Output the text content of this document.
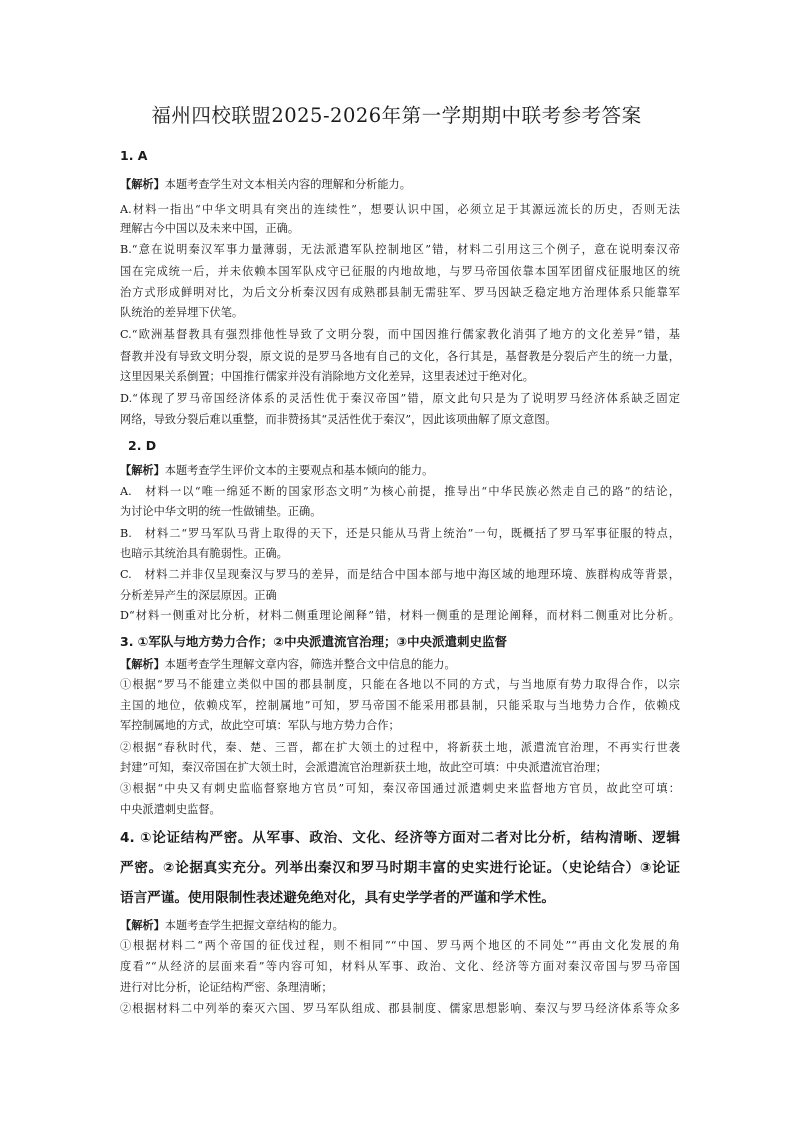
福州四校联盟2025-2026年第一学期期中联考参考答案
1. A
【解析】本题考查学生对文本相关内容的理解和分析能力。
A.材料一指出“中华文明具有突出的连续性”，想要认识中国，必须立足于其源远流长的历史，否则无法
理解古今中国以及未来中国，正确。
B.“意在说明秦汉军事力量薄弱，无法派遣军队控制地区”错，材料二引用这三个例子，意在说明秦汉帝
国在完成统一后，并未依赖本国军队戍守已征服的内地故地，与罗马帝国依靠本国军团留戍征服地区的统
治方式形成鲜明对比，为后文分析秦汉因有成熟郡县制无需驻军、罗马因缺乏稳定地方治理体系只能靠军
队统治的差异埋下伏笔。
C.“欧洲基督教具有强烈排他性导致了文明分裂，而中国因推行儒家教化消弭了地方的文化差异”错，基
督教并没有导致文明分裂，原文说的是罗马各地有自己的文化，各行其是，基督教是分裂后产生的统一力量，
这里因果关系倒置；中国推行儒家并没有消除地方文化差异，这里表述过于绝对化。
D.“体现了罗马帝国经济体系的灵活性优于秦汉帝国”错，原文此句只是为了说明罗马经济体系缺乏固定
网络，导致分裂后难以重整，而非赞扬其“灵活性优于秦汉”，因此该项曲解了原文意图。
2. D
【解析】本题考查学生评价文本的主要观点和基本倾向的能力。
A.　材料一以“唯一绵延不断的国家形态文明”为核心前提，推导出“中华民族必然走自己的路”的结论，
为讨论中华文明的统一性做铺垫。正确。
B.　材料二“罗马军队马背上取得的天下，还是只能从马背上统治”一句，既概括了罗马军事征服的特点，
也暗示其统治具有脆弱性。正确。
C.　材料二并非仅呈现秦汉与罗马的差异，而是结合中国本部与地中海区域的地理环境、族群构成等背景，
分析差异产生的深层原因。正确
D“材料一侧重对比分析，材料二侧重理论阐释”错，材料一侧重的是理论阐释，而材料二侧重对比分析。
3. ①军队与地方势力合作；②中央派遣流官治理；③中央派遣刺史监督
【解析】本题考查学生理解文章内容，筛选并整合文中信息的能力。
①根据“罗马不能建立类似中国的郡县制度，只能在各地以不同的方式，与当地原有势力取得合作，以宗
主国的地位，依赖戍军，控制属地”可知，罗马帝国不能采用郡县制，只能采取与当地势力合作，依赖戍
军控制属地的方式，故此空可填：军队与地方势力合作；
②根据“春秋时代，秦、楚、三晋，都在扩大领土的过程中，将新获土地，派遣流官治理，不再实行世袭
封建”可知，秦汉帝国在扩大领土时，会派遣流官治理新获土地，故此空可填：中央派遣流官治理；
③根据“中央又有刺史监临督察地方官员”可知，秦汉帝国通过派遣刺史来监督地方官员，故此空可填：
中央派遣刺史监督。
4. ①论证结构严密。从军事、政治、文化、经济等方面对二者对比分析，结构清晰、逻辑
严密。②论据真实充分。列举出秦汉和罗马时期丰富的史实进行论证。（史论结合）③论证
语言严谨。使用限制性表述避免绝对化，具有史学学者的严谨和学术性。
【解析】本题考查学生把握文章结构的能力。
①根据材料二“两个帝国的征伐过程，则不相同”“中国、罗马两个地区的不同处”“再由文化发展的角
度看”“从经济的层面来看”等内容可知，材料从军事、政治、文化、经济等方面对秦汉帝国与罗马帝国
进行对比分析，论证结构严密、条理清晰；
②根据材料二中列举的秦灭六国、罗马军队组成、郡县制度、儒家思想影响、秦汉与罗马经济体系等众多
